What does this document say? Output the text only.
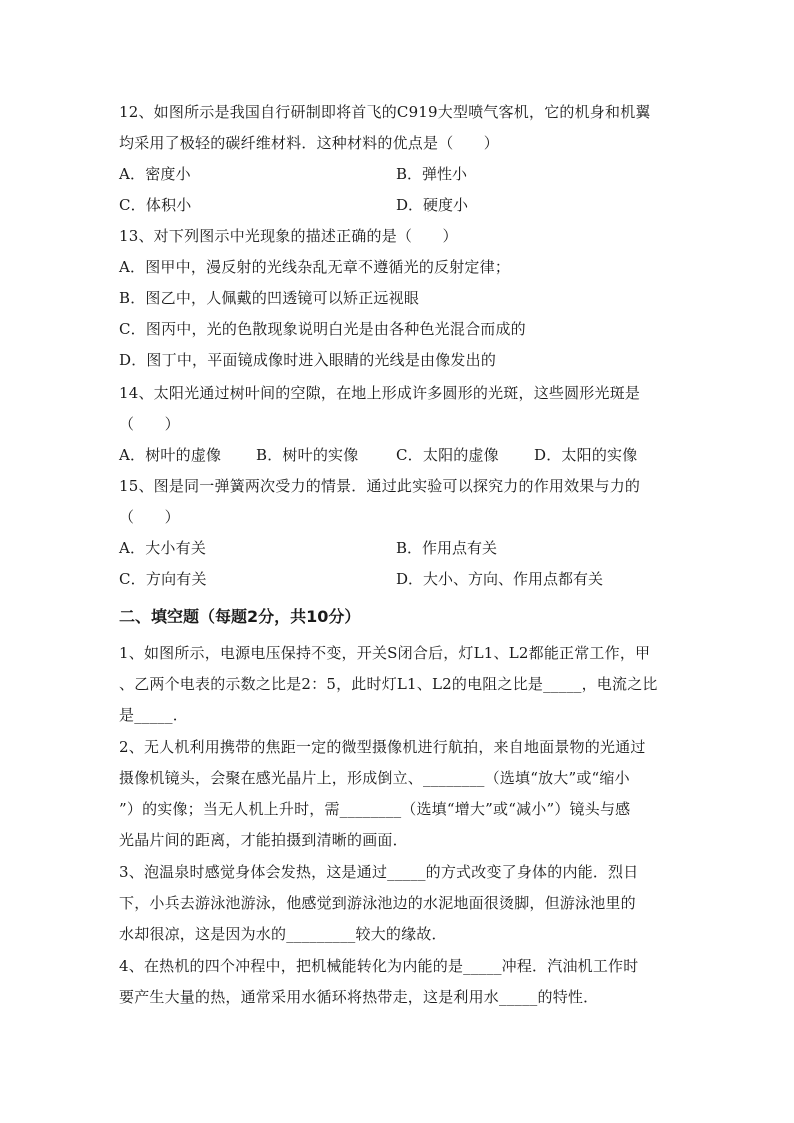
12、如图所示是我国自行研制即将首飞的C919大型喷气客机，它的机身和机翼
均采用了极轻的碳纤维材料．这种材料的优点是（　　）
A．密度小	B．弹性小
C．体积小	D．硬度小
13、对下列图示中光现象的描述正确的是（　　）
A．图甲中，漫反射的光线杂乱无章不遵循光的反射定律；
B．图乙中，人佩戴的凹透镜可以矫正远视眼
C．图丙中，光的色散现象说明白光是由各种色光混合而成的
D．图丁中，平面镜成像时进入眼睛的光线是由像发出的
14、太阳光通过树叶间的空隙，在地上形成许多圆形的光斑，这些圆形光斑是
（　　）
A．树叶的虚像 B．树叶的实像	C．太阳的虚像 D．太阳的实像
15、图是同一弹簧两次受力的情景．通过此实验可以探究力的作用效果与力的
（　　）
A．大小有关	B．作用点有关
C．方向有关	D．大小、方向、作用点都有关
二、填空题（每题2分，共10分）
1、如图所示，电源电压保持不变，开关S闭合后，灯L1、L2都能正常工作，甲
、乙两个电表的示数之比是2：5，此时灯L1、L2的电阻之比是_____，电流之比
是_____．
2、无人机利用携带的焦距一定的微型摄像机进行航拍，来自地面景物的光通过
摄像机镜头，会聚在感光晶片上，形成倒立、________（选填“放大”或“缩小
”）的实像；当无人机上升时，需________（选填“增大”或“减小”）镜头与感
光晶片间的距离，才能拍摄到清晰的画面．
3、泡温泉时感觉身体会发热，这是通过_____的方式改变了身体的内能．烈日
下，小兵去游泳池游泳，他感觉到游泳池边的水泥地面很烫脚，但游泳池里的
水却很凉，这是因为水的_________较大的缘故．
4、在热机的四个冲程中，把机械能转化为内能的是_____冲程．汽油机工作时
要产生大量的热，通常采用水循环将热带走，这是利用水_____的特性．
